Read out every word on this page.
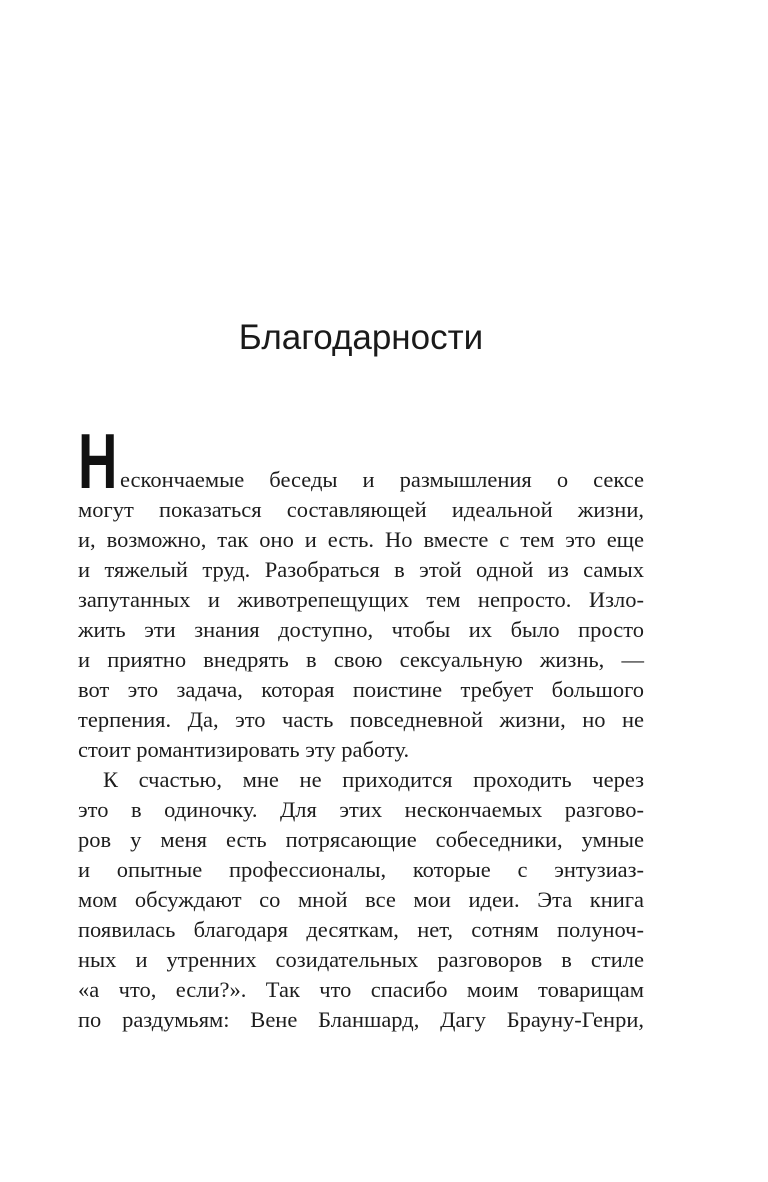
Благодарности
Н ескончаемые беседы и размышления о сексе
могут показаться составляющей идеальной жизни,
и, возможно, так оно и есть. Но вместе с тем это еще
и тяжелый труд. Разобраться в этой одной из самых
запутанных и животрепещущих тем непросто. Изло-
жить эти знания доступно, чтобы их было просто
и приятно внедрять в свою сексуальную жизнь, —
вот это задача, которая поистине требует большого
терпения. Да, это часть повседневной жизни, но не
стоит романтизировать эту работу.
К счастью, мне не приходится проходить через
это в одиночку. Для этих нескончаемых разгово-
ров у меня есть потрясающие собеседники, умные
и опытные профессионалы, которые с энтузиаз-
мом обсуждают со мной все мои идеи. Эта книга
появилась благодаря десяткам, нет, сотням полуноч-
ных и утренних созидательных разговоров в стиле
«а что, если?». Так что спасибо моим товарищам
по раздумьям: Вене Бланшард, Дагу Брауну-Генри,
